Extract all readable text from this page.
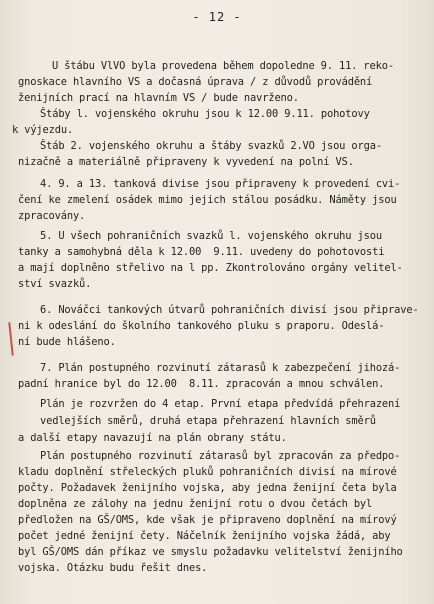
- 12 -
U štábu VlVO byla provedena během dopoledne 9. 11. reko-
gnoskace hlavního VS a dočasná úprava / z důvodů provádění
ženijních prací na hlavním VS / bude navrženo.
Štáby l. vojenského okruhu jsou k 12.00 9.11. pohotovy
k výjezdu.
Štáb 2. vojenského okruhu a štáby svazků 2.VO jsou orga-
nizačně a materiálně připraveny k vyvedení na polní VS.
4. 9. a 13. tanková divise jsou připraveny k provedení cvi-
čení ke zmelení osádek mimo jejich stálou posádku. Náměty jsou
zpracovány.
5. U všech pohraničních svazků l. vojenského okruhu jsou
tanky a samohybná děla k 12.00  9.11. uvedeny do pohotovosti
a mají doplněno střelivo na l pp. Zkontrolováno orgány velitel-
ství svazků.
6. Nováčci tankových útvarů pohraničních divisí jsou připrave-
ni k odeslání do školního tankového pluku s praporu. Odeslá-
ní bude hlášeno.
7. Plán postupného rozvinutí zátarasů k zabezpečení jihozá-
padní hranice byl do 12.00  8.11. zpracován a mnou schválen.
Plán je rozvržen do 4 etap. První etapa předvídá přehrazení vedlejších směrů, druhá etapa přehrazení hlavních směrů
a další etapy navazují na plán obrany státu.
Plán postupného rozvinutí zátarasů byl zpracován za předpo-
kladu doplnění střeleckých pluků pohraničních divisí na mírové
počty. Požadavek ženijního vojska, aby jedna ženijní četa byla
doplněna ze zálohy na jednu ženijní rotu o dvou četách byl
předložen na GŠ/OMS, kde však je připraveno doplnění na mírový
počet jedné ženijní čety. Náčelník ženijního vojska žádá, aby
byl GŠ/OMS dán příkaz ve smyslu požadavku velitelství ženijního
vojska. Otázku budu řešit dnes.
